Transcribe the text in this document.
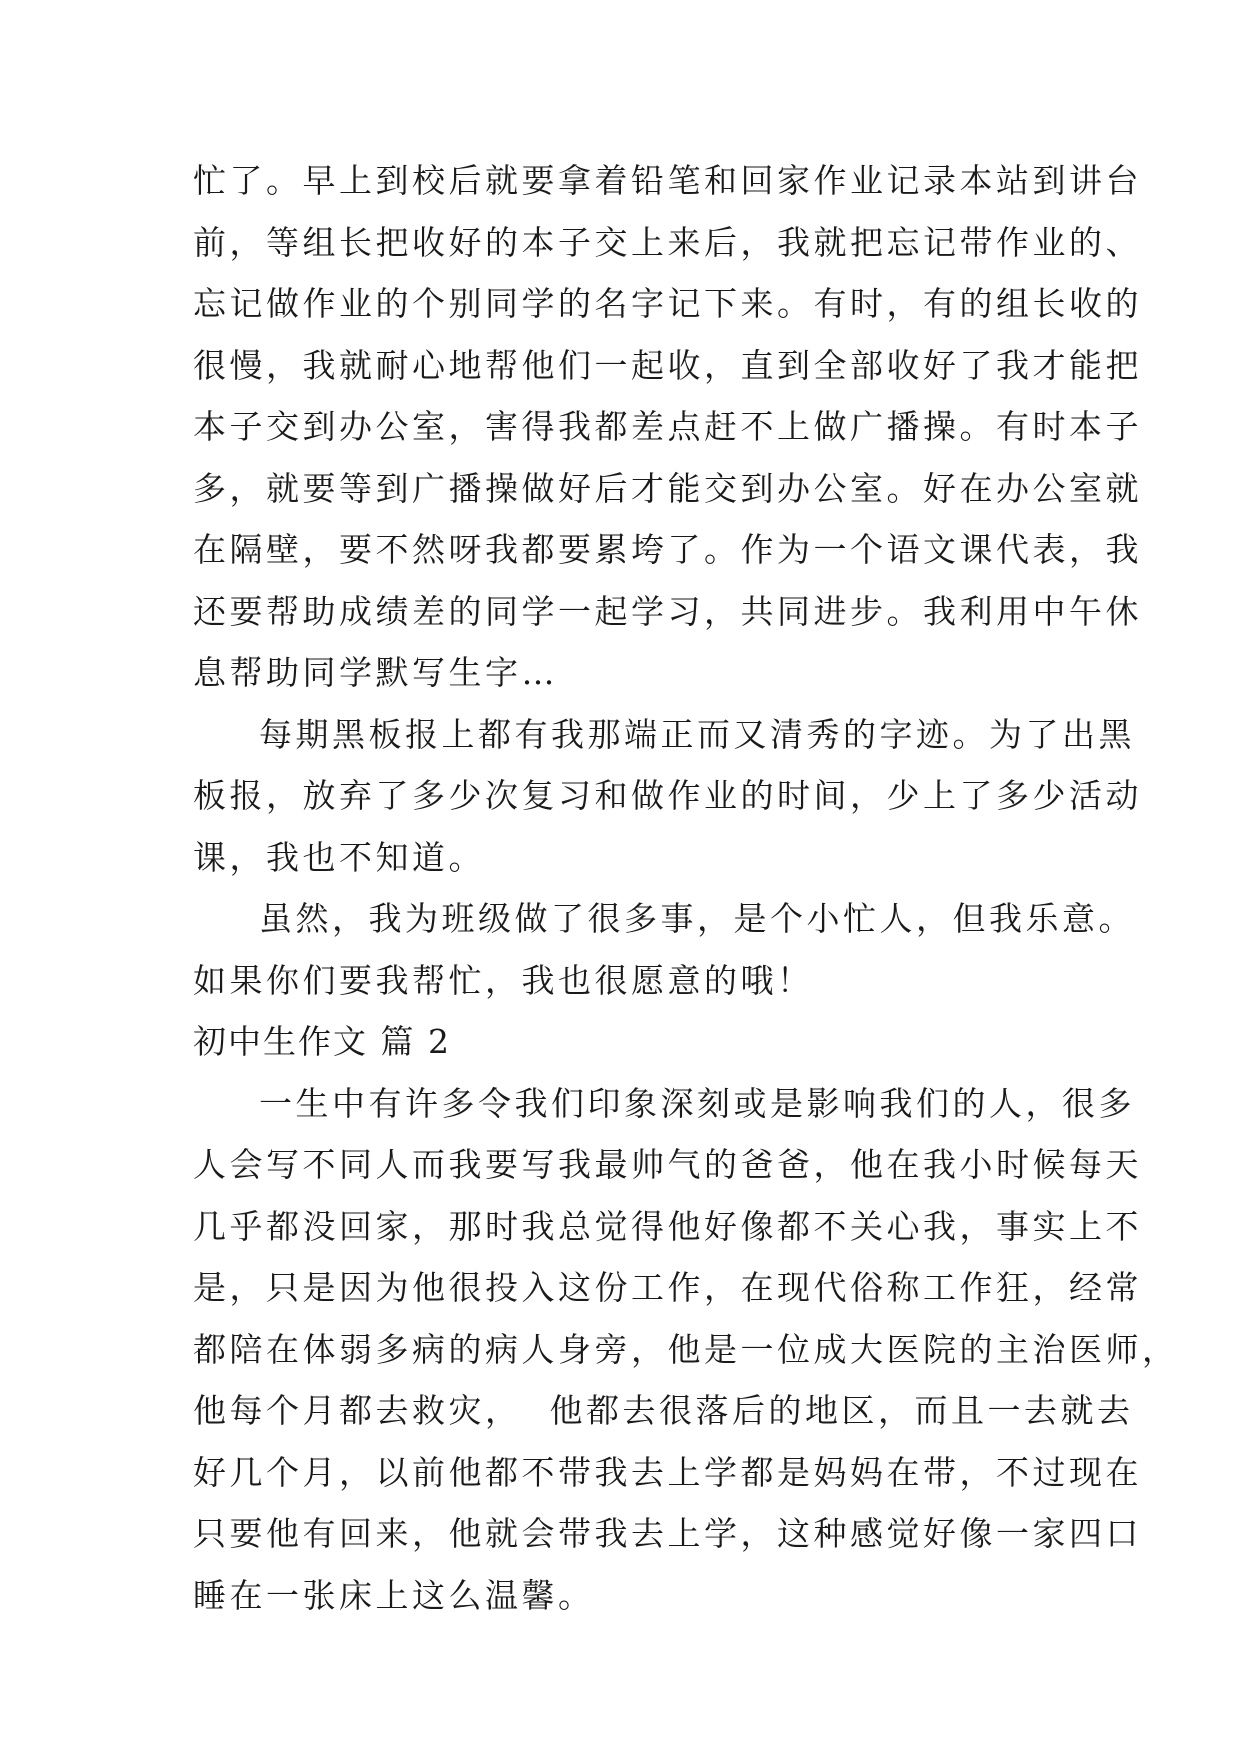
忙了。早上到校后就要拿着铅笔和回家作业记录本站到讲台
前，等组长把收好的本子交上来后，我就把忘记带作业的、
忘记做作业的个别同学的名字记下来。有时，有的组长收的
很慢，我就耐心地帮他们一起收，直到全部收好了我才能把
本子交到办公室，害得我都差点赶不上做广播操。有时本子
多，就要等到广播操做好后才能交到办公室。好在办公室就
在隔壁，要不然呀我都要累垮了。作为一个语文课代表，我
还要帮助成绩差的同学一起学习，共同进步。我利用中午休
息帮助同学默写生字…
每期黑板报上都有我那端正而又清秀的字迹。为了出黑
板报，放弃了多少次复习和做作业的时间，少上了多少活动
课，我也不知道。
虽然，我为班级做了很多事，是个小忙人，但我乐意。
如果你们要我帮忙，我也很愿意的哦！
初中生作文 篇 2
一生中有许多令我们印象深刻或是影响我们的人，很多
人会写不同人而我要写我最帅气的爸爸，他在我小时候每天
几乎都没回家，那时我总觉得他好像都不关心我，事实上不
是，只是因为他很投入这份工作，在现代俗称工作狂，经常
都陪在体弱多病的病人身旁，他是一位成大医院的主治医师，
他每个月都去救灾，  他都去很落后的地区，而且一去就去
好几个月，以前他都不带我去上学都是妈妈在带，不过现在
只要他有回来，他就会带我去上学，这种感觉好像一家四口
睡在一张床上这么温馨。
